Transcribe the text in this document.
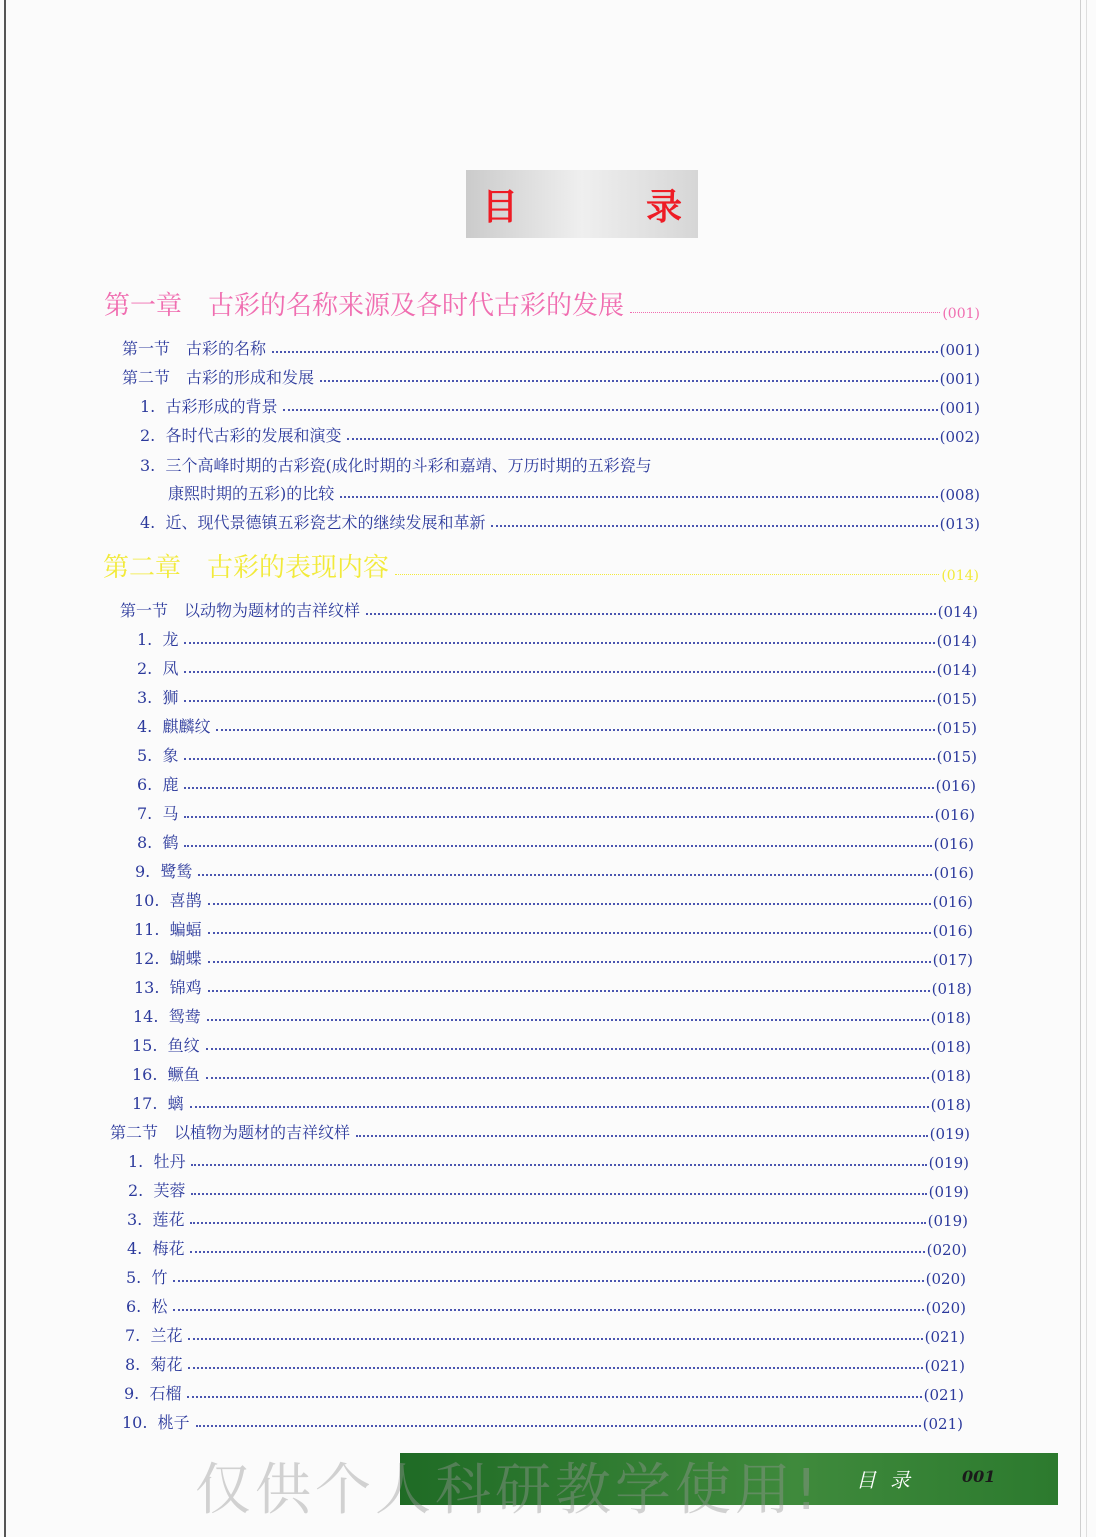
目	录
第一章　古彩的名称来源及各时代古彩的发展	(001)
第一节　古彩的名称	(001)
第二节　古彩的形成和发展	(001)
1.  古彩形成的背景	(001)
2.  各时代古彩的发展和演变	(002)
3.  三个高峰时期的古彩瓷(成化时期的斗彩和嘉靖、万历时期的五彩瓷与
康熙时期的五彩)的比较	(008)
4.  近、现代景德镇五彩瓷艺术的继续发展和革新	(013)
第二章　古彩的表现内容	(014)
第一节　以动物为题材的吉祥纹样	(014)
1.  龙	(014)
2.  凤	(014)
3.  狮	(015)
4.  麒麟纹	(015)
5.  象	(015)
6.  鹿	(016)
7.  马	(016)
8.  鹤	(016)
9.  鹭鸶	(016)
10.  喜鹊	(016)
11.  蝙蝠	(016)
12.  蝴蝶	(017)
13.  锦鸡	(018)
14.  鸳鸯	(018)
15.  鱼纹	(018)
16.  鳜鱼	(018)
17.  螭	(018)
第二节　以植物为题材的吉祥纹样	(019)
1.  牡丹	(019)
2.  芙蓉	(019)
3.  莲花	(019)
4.  梅花	(020)
5.  竹	(020)
6.  松	(020)
7.  兰花	(021)
8.  菊花	(021)
9.  石榴	(021)
10.  桃子	(021)
目录 001
仅供个人科研教学使用!
